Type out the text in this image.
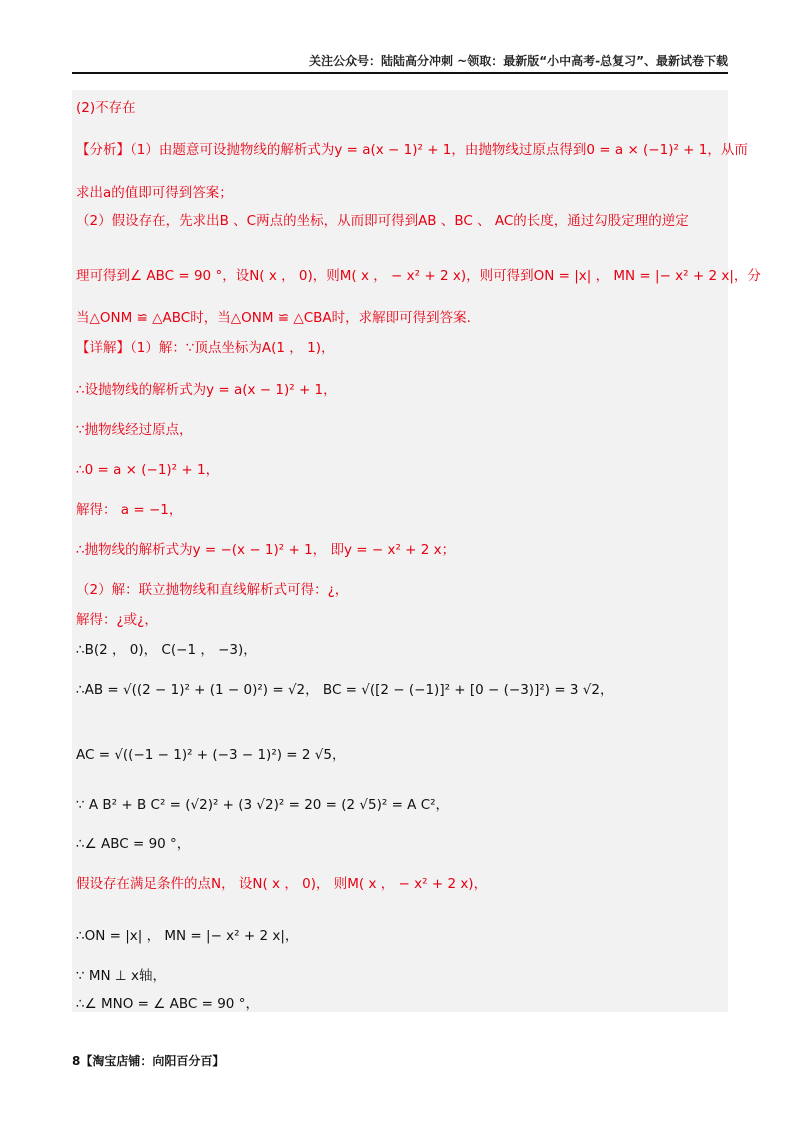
关注公众号：陆陆高分冲刺 ~领取：最新版“小中高考-总复习”、最新试卷下载
(2)不存在
【分析】（1）由题意可设抛物线的解析式为y = a(x − 1)² + 1，由抛物线过原点得到0 = a × (−1)² + 1，从而
求出a的值即可得到答案；
（2）假设存在，先求出B 、C两点的坐标，从而即可得到AB 、BC 、 AC的长度，通过勾股定理的逆定
理可得到∠ ABC = 90 °，设N( x ， 0)，则M( x ， − x² + 2 x)，则可得到ON = |x| ， MN = |− x² + 2 x|，分
当△ONM ≌ △ABC时，当△ONM ≌ △CBA时，求解即可得到答案.
【详解】（1）解：∵顶点坐标为A(1 ， 1)，
∴设抛物线的解析式为y = a(x − 1)² + 1，
∵抛物线经过原点，
∴0 = a × (−1)² + 1，
解得： a = −1，
∴抛物线的解析式为y = −(x − 1)² + 1， 即y = − x² + 2 x；
（2）解：联立抛物线和直线解析式可得：¿，
解得：¿或¿，
∴B(2 ， 0)， C(−1 ， −3)，
∴AB = √((2 − 1)² + (1 − 0)²) = √2， BC = √([2 − (−1)]² + [0 − (−3)]²) = 3 √2，
AC = √((−1 − 1)² + (−3 − 1)²) = 2 √5，
∵ A B² + B C² = (√2)² + (3 √2)² = 20 = (2 √5)² = A C²，
∴∠ ABC = 90 °，
假设存在满足条件的点N， 设N( x ， 0)， 则M( x ， − x² + 2 x)，
∴ON = |x| ， MN = |− x² + 2 x|，
∵ MN ⊥ x轴，
∴∠ MNO = ∠ ABC = 90 °，
8【淘宝店铺：向阳百分百】
